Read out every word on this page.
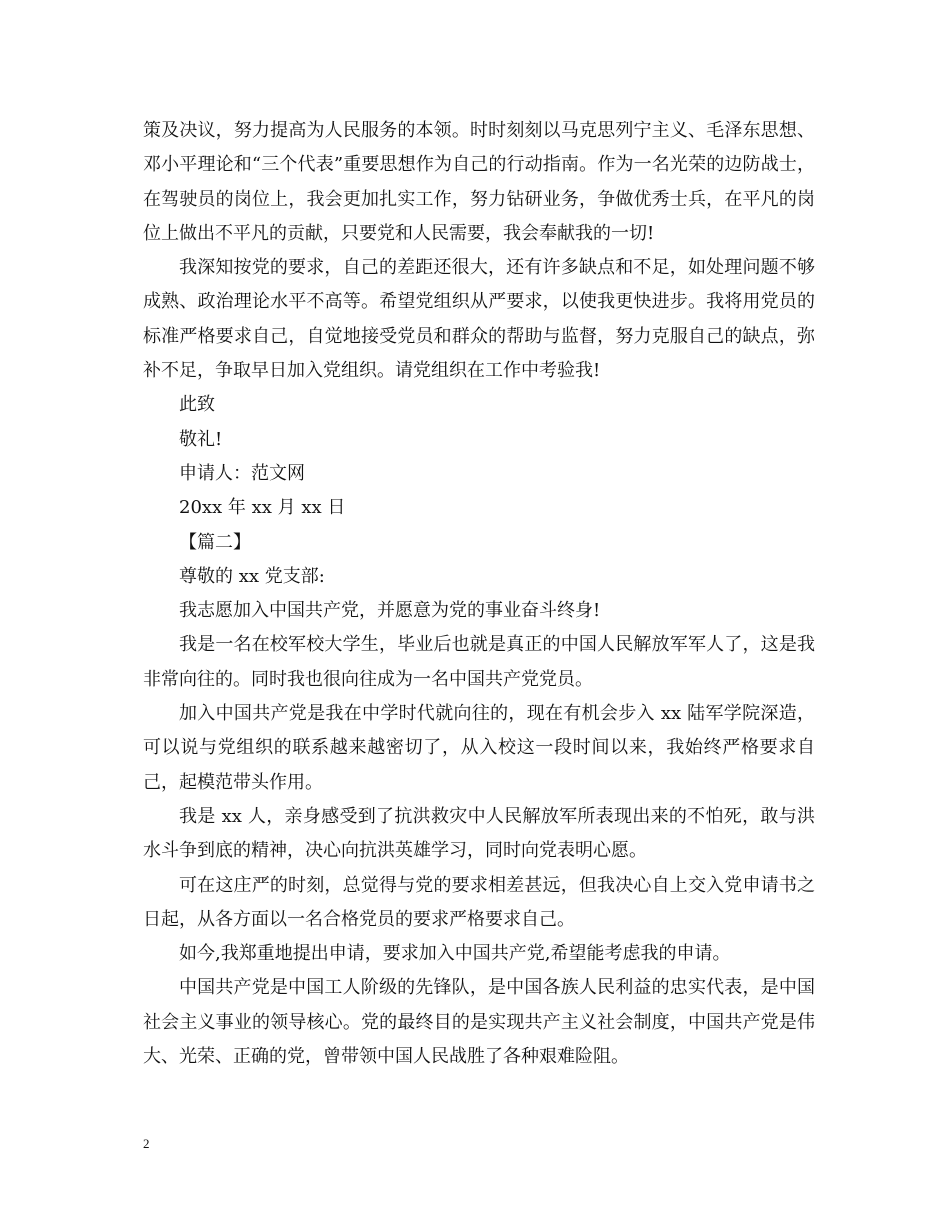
策及决议，努力提高为人民服务的本领。时时刻刻以马克思列宁主义、毛泽东思想、邓小平理论和“三个代表”重要思想作为自己的行动指南。作为一名光荣的边防战士，在驾驶员的岗位上，我会更加扎实工作，努力钻研业务，争做优秀士兵，在平凡的岗位上做出不平凡的贡献，只要党和人民需要，我会奉献我的一切!

我深知按党的要求，自己的差距还很大，还有许多缺点和不足，如处理问题不够成熟、政治理论水平不高等。希望党组织从严要求，以使我更快进步。我将用党员的标准严格要求自己，自觉地接受党员和群众的帮助与监督，努力克服自己的缺点，弥补不足，争取早日加入党组织。请党组织在工作中考验我!

此致

敬礼!

申请人：范文网

20xx 年 xx 月 xx 日

【篇二】

尊敬的 xx 党支部:

我志愿加入中国共产党，并愿意为党的事业奋斗终身!

我是一名在校军校大学生，毕业后也就是真正的中国人民解放军军人了，这是我非常向往的。同时我也很向往成为一名中国共产党党员。

加入中国共产党是我在中学时代就向往的，现在有机会步入 xx 陆军学院深造，可以说与党组织的联系越来越密切了，从入校这一段时间以来，我始终严格要求自己，起模范带头作用。

我是 xx 人，亲身感受到了抗洪救灾中人民解放军所表现出来的不怕死，敢与洪水斗争到底的精神，决心向抗洪英雄学习，同时向党表明心愿。

可在这庄严的时刻，总觉得与党的要求相差甚远，但我决心自上交入党申请书之日起，从各方面以一名合格党员的要求严格要求自己。

如今,我郑重地提出申请，要求加入中国共产党,希望能考虑我的申请。

中国共产党是中国工人阶级的先锋队，是中国各族人民利益的忠实代表，是中国社会主义事业的领导核心。党的最终目的是实现共产主义社会制度，中国共产党是伟大、光荣、正确的党，曾带领中国人民战胜了各种艰难险阻。

2
